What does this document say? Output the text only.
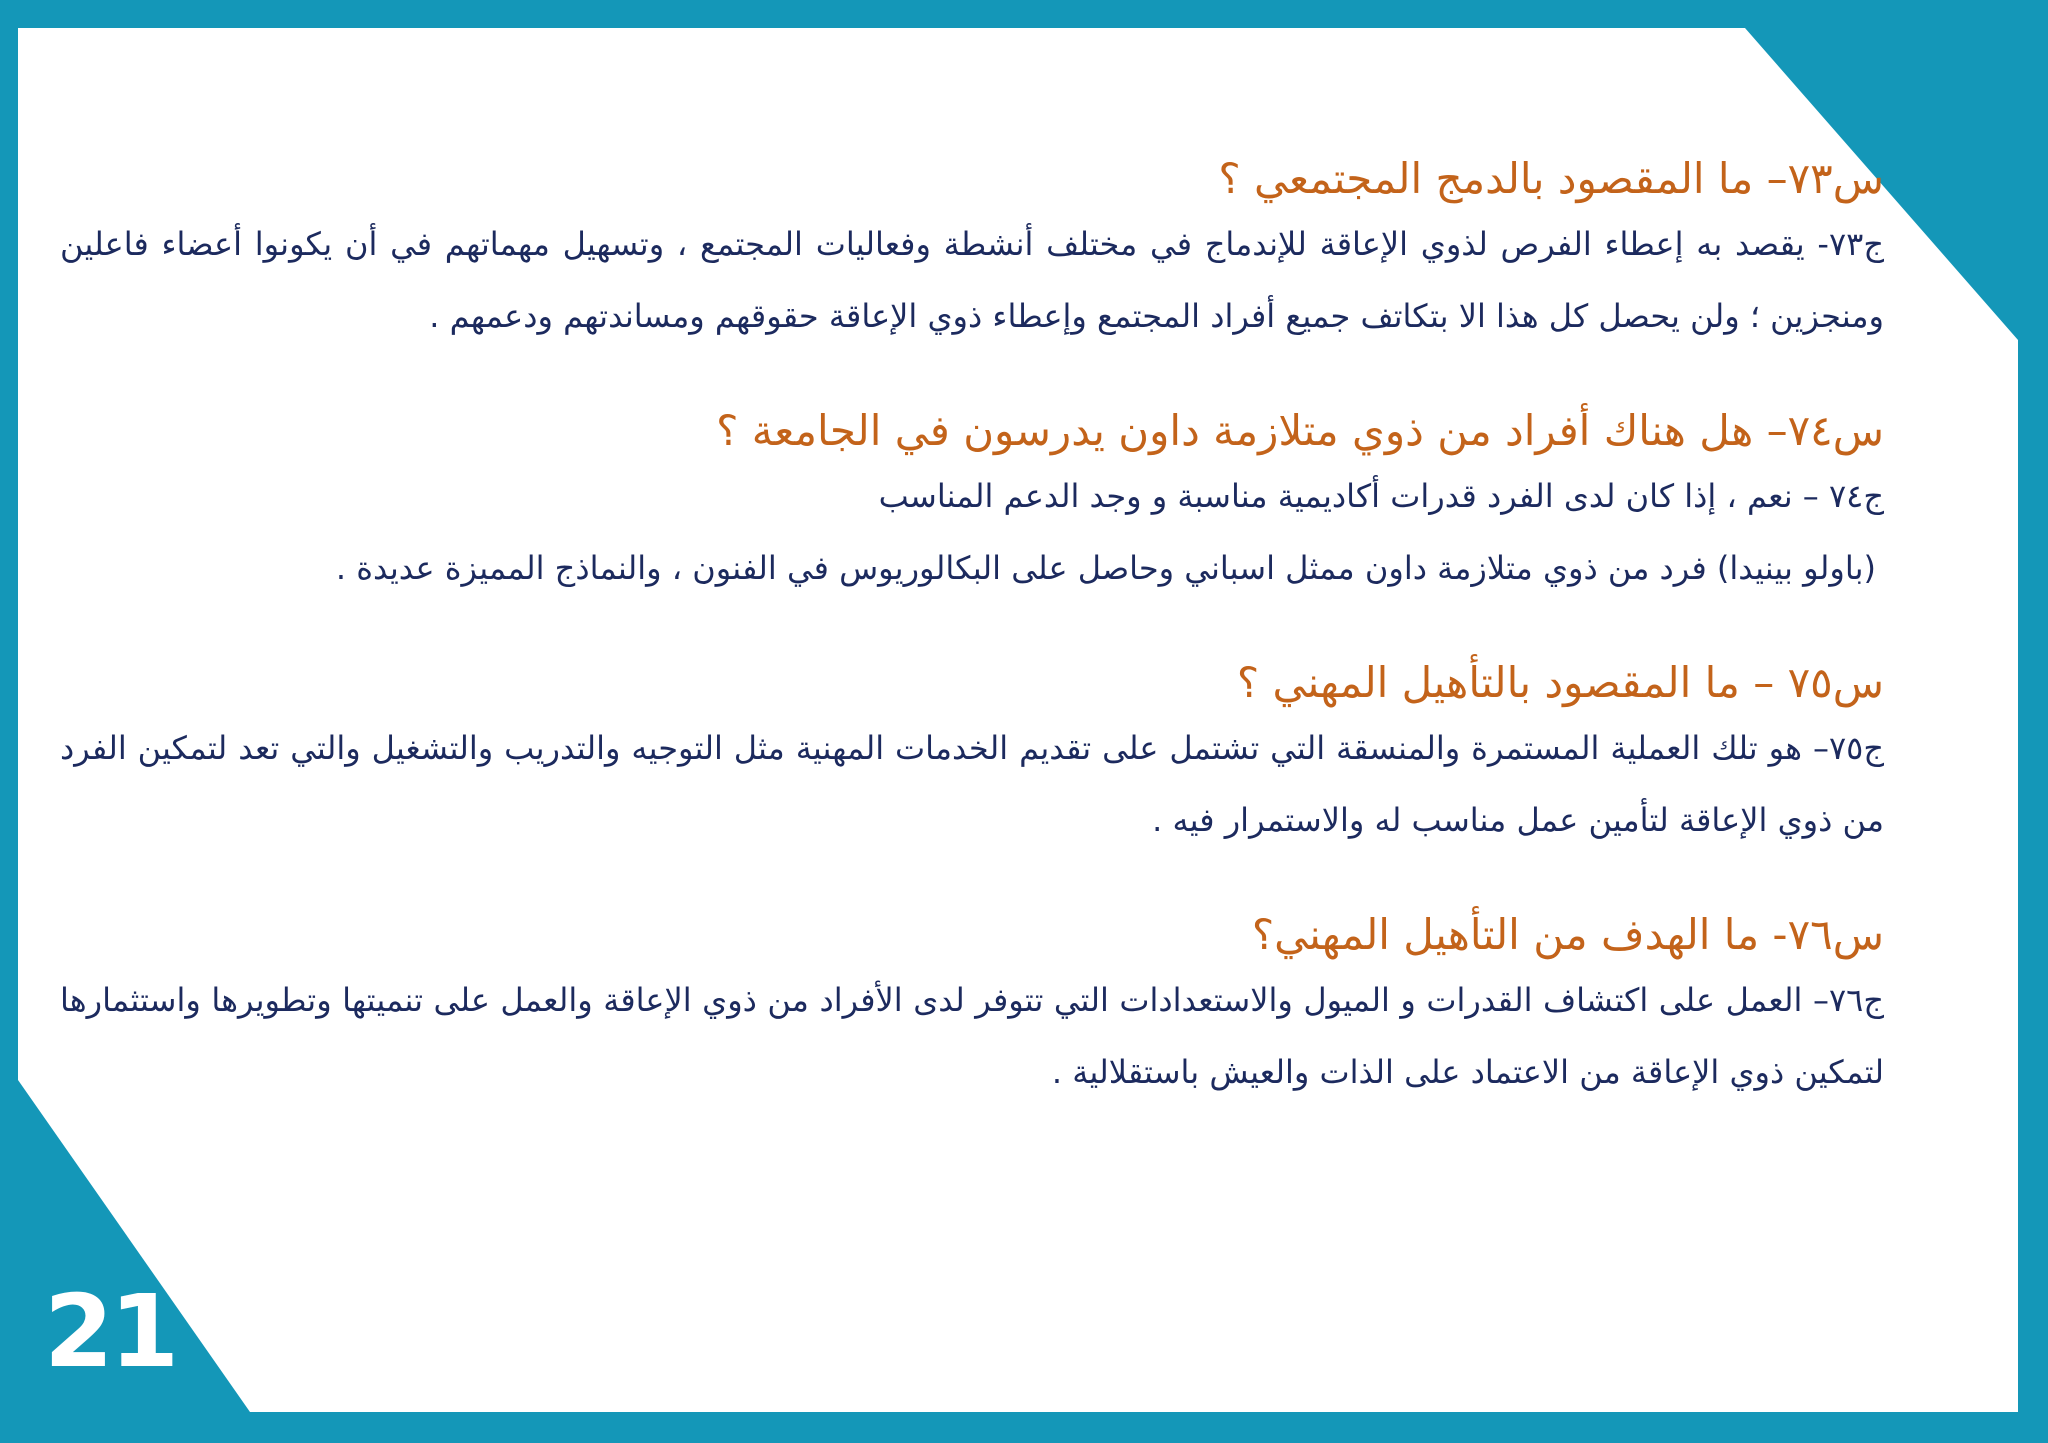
س٧٣– ما المقصود بالدمج المجتمعي ؟

ج٧٣- يقصد به إعطاء الفرص لذوي الإعاقة للإندماج في مختلف أنشطة وفعاليات المجتمع ، وتسهيل مهماتهم في أن يكونوا أعضاء فاعلين ومنجزين ؛ ولن يحصل كل هذا الا بتكاتف جميع أفراد المجتمع وإعطاء ذوي الإعاقة حقوقهم ومساندتهم ودعمهم .

س٧٤– هل هناك أفراد من ذوي متلازمة داون يدرسون في الجامعة ؟

ج٧٤ – نعم ، إذا كان لدى الفرد قدرات أكاديمية مناسبة و وجد الدعم المناسب

(باولو بينيدا) فرد من ذوي متلازمة داون ممثل اسباني وحاصل على البكالوريوس في الفنون ، والنماذج المميزة عديدة .

س٧٥ – ما المقصود بالتأهيل المهني ؟

ج٧٥– هو تلك العملية المستمرة والمنسقة التي تشتمل على تقديم الخدمات المهنية مثل التوجيه والتدريب والتشغيل والتي تعد لتمكين الفرد من ذوي الإعاقة لتأمين عمل مناسب له والاستمرار فيه .

س٧٦- ما الهدف من التأهيل المهني؟

ج٧٦– العمل على اكتشاف القدرات و الميول والاستعدادات التي تتوفر لدى الأفراد من ذوي الإعاقة والعمل على تنميتها وتطويرها واستثمارها لتمكين ذوي الإعاقة من الاعتماد على الذات والعيش باستقلالية .

21
